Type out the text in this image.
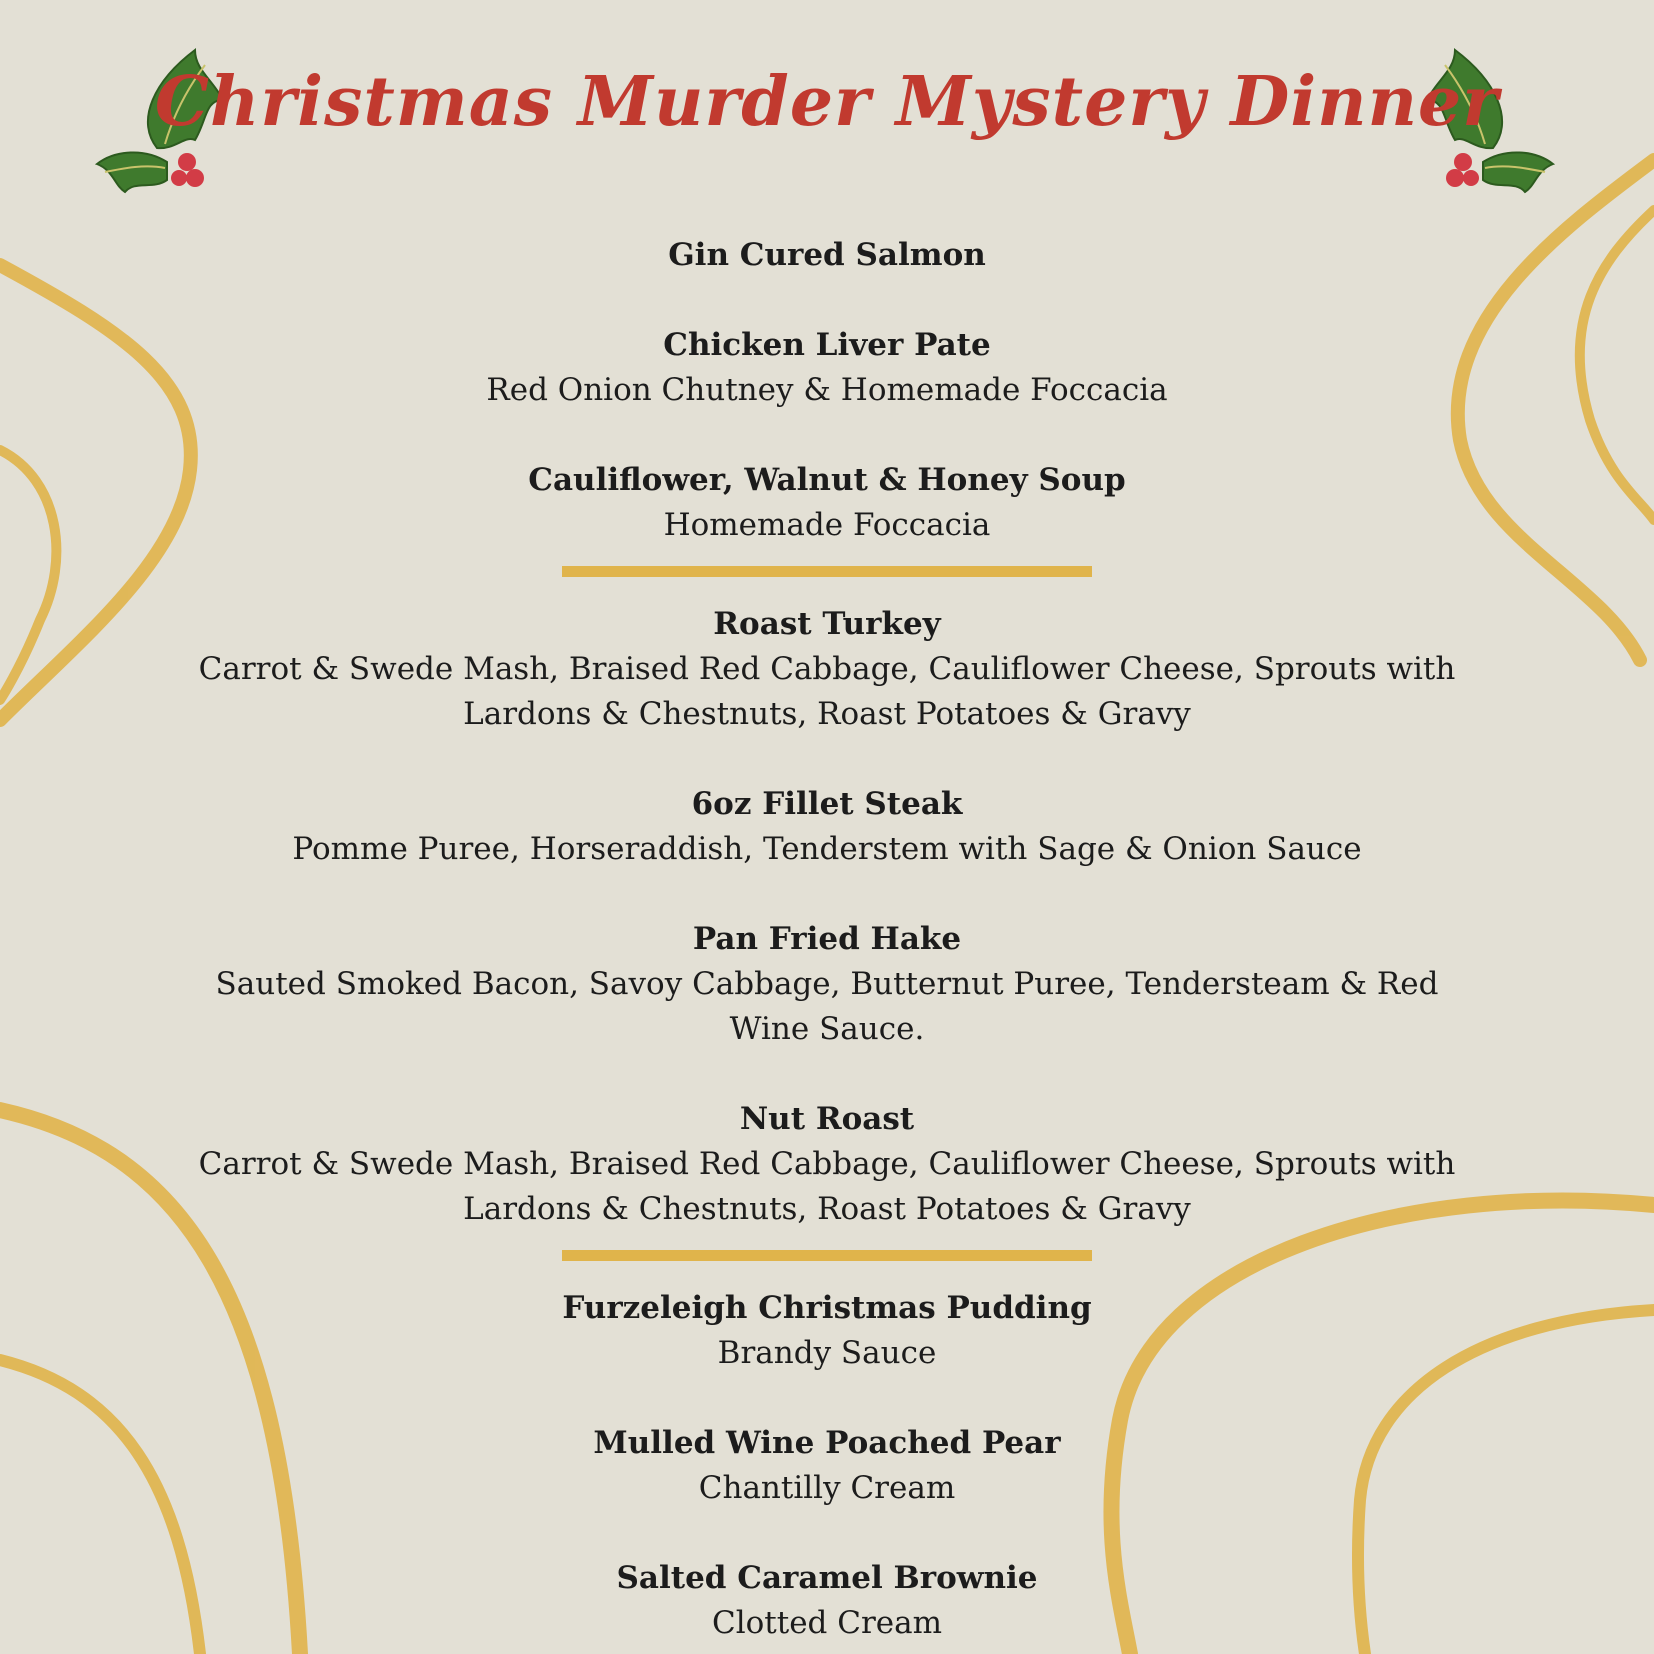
Christmas Murder Mystery Dinner
Gin Cured Salmon
Chicken Liver Pate
Red Onion Chutney & Homemade Foccacia
Cauliflower, Walnut & Honey Soup
Homemade Foccacia
Roast Turkey
Carrot & Swede Mash, Braised Red Cabbage, Cauliflower Cheese, Sprouts with Lardons & Chestnuts, Roast Potatoes & Gravy
6oz Fillet Steak
Pomme Puree, Horseraddish, Tenderstem with Sage & Onion Sauce
Pan Fried Hake
Sauted Smoked Bacon, Savoy Cabbage, Butternut Puree, Tendersteam & Red Wine Sauce.
Nut Roast
Carrot & Swede Mash, Braised Red Cabbage, Cauliflower Cheese, Sprouts with Lardons & Chestnuts, Roast Potatoes & Gravy
Furzeleigh Christmas Pudding
Brandy Sauce
Mulled Wine Poached Pear
Chantilly Cream
Salted Caramel Brownie
Clotted Cream
